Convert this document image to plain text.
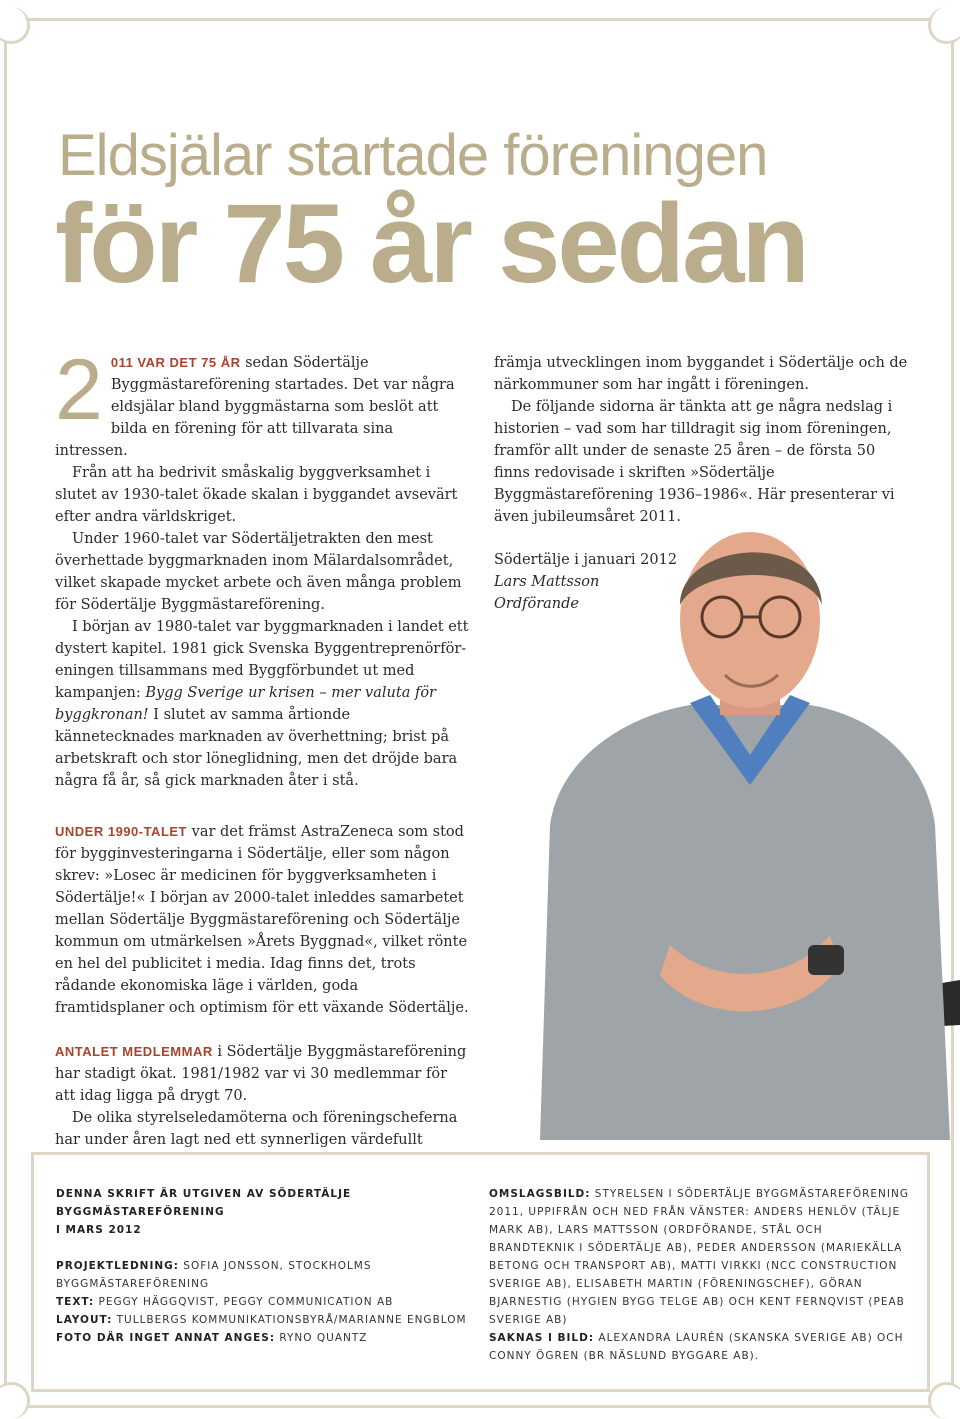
Eldsjälar startade föreningen
för 75 år sedan

2 011 VAR DET 75 ÅR sedan Södertälje Byggmästareförening startades. Det var några eldsjälar bland byggmästarna som beslöt att bilda en förening för att tillvarata sina intressen.

Från att ha bedrivit småskalig byggverksamhet i slutet av 1930-talet ökade skalan i byggandet avsevärt efter andra världskriget.

Under 1960-talet var Södertäljetrakten den mest överhettade byggmarknaden inom Mälardalsområdet, vilket skapade mycket arbete och även många problem för Södertälje Byggmästareförening.

I början av 1980-talet var byggmarknaden i landet ett dystert kapitel. 1981 gick Svenska Byggentreprenörföreningen tillsammans med Byggförbundet ut med kampanjen: Bygg Sverige ur krisen – mer valuta för byggkronan! I slutet av samma årtionde kännetecknades marknaden av överhettning; brist på arbetskraft och stor löneglidning, men det dröjde bara några få år, så gick marknaden åter i stå.

UNDER 1990-TALET var det främst AstraZeneca som stod för bygginvesteringarna i Södertälje, eller som någon skrev: »Losec är medicinen för byggverksamheten i Södertälje!« I början av 2000-talet inleddes samarbetet mellan Södertälje Byggmästareförening och Södertälje kommun om utmärkelsen »Årets Byggnad«, vilket rönte en hel del publicitet i media. Idag finns det, trots rådande ekonomiska läge i världen, goda framtidsplaner och optimism för ett växande Södertälje.

ANTALET MEDLEMMAR i Södertälje Byggmästareförening har stadigt ökat. 1981/1982 var vi 30 medlemmar för att idag ligga på drygt 70.

De olika styrelseledamöterna och föreningscheferna har under åren lagt ned ett synnerligen värdefullt

främja utvecklingen inom byggandet i Södertälje och de närkommuner som har ingått i föreningen.

De följande sidorna är tänkta att ge några nedslag i historien – vad som har tilldragit sig inom föreningen, framför allt under de senaste 25 åren – de första 50 finns redovisade i skriften »Södertälje Byggmästareförening 1936–1986«. Här presenterar vi även jubileumsåret 2011.

Södertälje i januari 2012

Lars Mattsson

Ordförande

DENNA SKRIFT ÄR UTGIVEN AV SÖDERTÄLJE BYGGMÄSTAREFÖRENING
I MARS 2012
PROJEKTLEDNING: SOFIA JONSSON, STOCKHOLMS BYGGMÄSTAREFÖRENING
TEXT: PEGGY HÄGGQVIST, PEGGY COMMUNICATION AB
LAYOUT: TULLBERGS KOMMUNIKATIONSBYRÅ/MARIANNE ENGBLOM
FOTO DÄR INGET ANNAT ANGES: RYNO QUANTZ
OMSLAGSBILD: STYRELSEN I SÖDERTÄLJE BYGGMÄSTAREFÖRENING 2011, UPPIFRÅN OCH NED FRÅN VÄNSTER: ANDERS HENLÖV (TÄLJE MARK AB), LARS MATTSSON (ORDFÖRANDE, STÅL OCH BRANDTEKNIK I SÖDERTÄLJE AB), PEDER ANDERSSON (MARIEKÄLLA BETONG OCH TRANSPORT AB), MATTI VIRKKI (NCC CONSTRUCTION SVERIGE AB), ELISABETH MARTIN (FÖRENINGSCHEF), GÖRAN BJARNESTIG (HYGIEN BYGG TELGE AB) OCH KENT FERNQVIST (PEAB SVERIGE AB)
SAKNAS I BILD: ALEXANDRA LAURÉN (SKANSKA SVERIGE AB) OCH CONNY ÖGREN (BR NÄSLUND BYGGARE AB).
